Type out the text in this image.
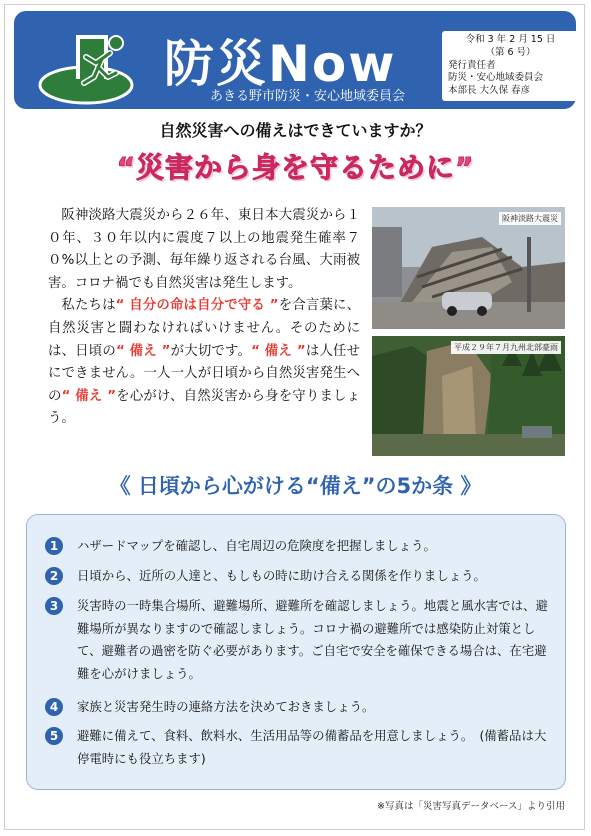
防災Now
あきる野市防災・安心地域委員会
令和 3 年 2 月 15 日
（第 6 号）
発行責任者
防災・安心地域委員会
本部長 大久保 春彦
自然災害への備えはできていますか？
“災害から身を守るために”

阪神淡路大震災から２６年、東日本大震災から１０年、３０年以内に震度７以上の地震発生確率７０%以上との予測、毎年繰り返される台風、大雨被害。コロナ禍でも自然災害は発生します。

私たちは“ 自分の命は自分で守る ”を合言葉に、自然災害と闘わなければいけません。そのためには、日頃の“ 備え ”が大切です。“ 備え ”は人任せにできません。一人一人が日頃から自然災害発生への“ 備え ”を心がけ、自然災害から身を守りましょう。

阪神淡路大震災
平成２９年７月九州北部豪雨
《 日頃から心がける“備え”の5か条 》
1	ハザードマップを確認し、自宅周辺の危険度を把握しましょう。
2	日頃から、近所の人達と、もしもの時に助け合える関係を作りましょう。
3	災害時の一時集合場所、避難場所、避難所を確認しましょう。地震と風水害では、避難場所が異なりますので確認しましょう。コロナ禍の避難所では感染防止対策として、避難者の過密を防ぐ必要があります。ご自宅で安全を確保できる場合は、在宅避難を心がけましょう。
4	家族と災害発生時の連絡方法を決めておきましょう。
5	避難に備えて、食料、飲料水、生活用品等の備蓄品を用意しましょう。　(備蓄品は大停電時にも役立ちます)
※写真は「災害写真データベース」より引用
